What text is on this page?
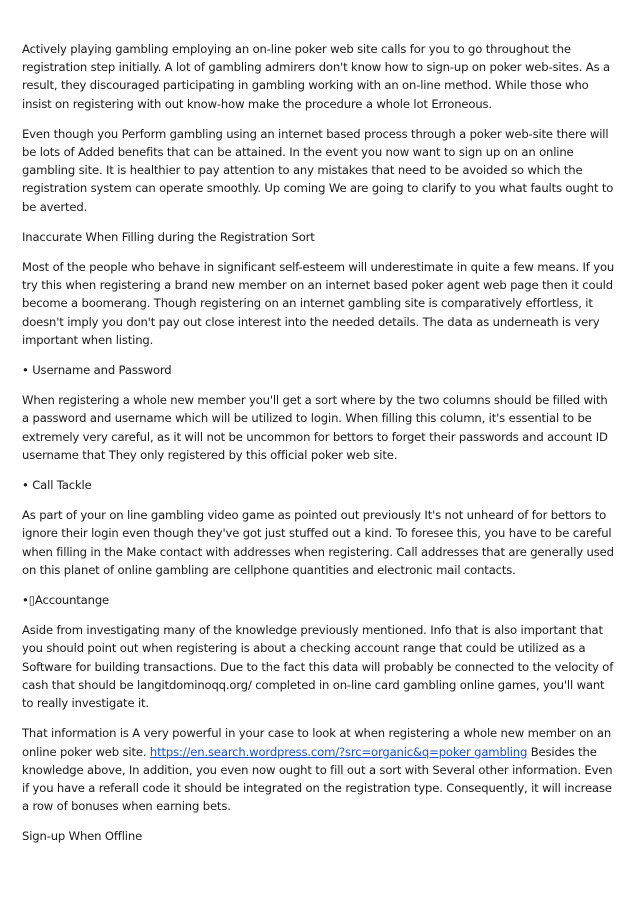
Actively playing gambling employing an on-line poker web site calls for you to go throughout the registration step initially. A lot of gambling admirers don't know how to sign-up on poker web-sites. As a result, they discouraged participating in gambling working with an on-line method. While those who insist on registering with out know-how make the procedure a whole lot Erroneous.

Even though you Perform gambling using an internet based process through a poker web-site there will be lots of Added benefits that can be attained. In the event you now want to sign up on an online gambling site. It is healthier to pay attention to any mistakes that need to be avoided so which the registration system can operate smoothly. Up coming We are going to clarify to you what faults ought to be averted.

Inaccurate When Filling during the Registration Sort

Most of the people who behave in significant self-esteem will underestimate in quite a few means. If you try this when registering a brand new member on an internet based poker agent web page then it could become a boomerang. Though registering on an internet gambling site is comparatively effortless, it doesn't imply you don't pay out close interest into the needed details. The data as underneath is very important when listing.

• Username and Password

When registering a whole new member you'll get a sort where by the two columns should be filled with a password and username which will be utilized to login. When filling this column, it's essential to be extremely very careful, as it will not be uncommon for bettors to forget their passwords and account ID username that They only registered by this official poker web site.

• Call Tackle

As part of your on line gambling video game as pointed out previously It's not unheard of for bettors to ignore their login even though they've got just stuffed out a kind. To foresee this, you have to be careful when filling in the Make contact with addresses when registering. Call addresses that are generally used on this planet of online gambling are cellphone quantities and electronic mail contacts.

•▯Accountange

Aside from investigating many of the knowledge previously mentioned. Info that is also important that you should point out when registering is about a checking account range that could be utilized as a Software for building transactions. Due to the fact this data will probably be connected to the velocity of cash that should be langitdominoqq.org/ completed in on-line card gambling online games, you'll want to really investigate it.

That information is A very powerful in your case to look at when registering a whole new member on an online poker web site. https://en.search.wordpress.com/?src=organic&q=poker gambling Besides the knowledge above, In addition, you even now ought to fill out a sort with Several other information. Even if you have a referall code it should be integrated on the registration type. Consequently, it will increase a row of bonuses when earning bets.

Sign-up When Offline
